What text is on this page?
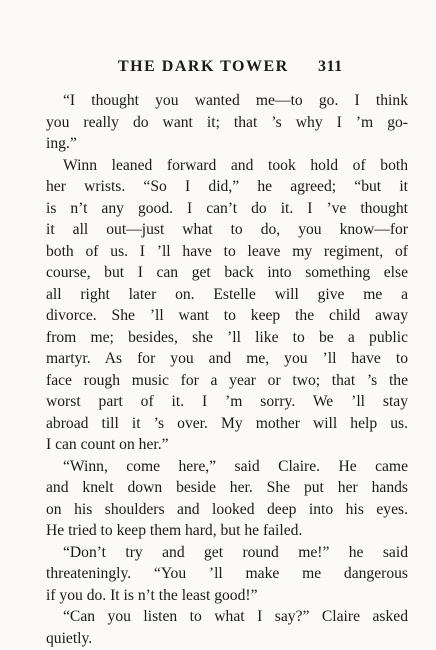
THE DARK TOWER 311
“I thought you wanted me—to go. I think
you really do want it; that ’s why I ’m go-
ing.”
Winn leaned forward and took hold of both
her wrists. “So I did,” he agreed; “but it
is n’t any good. I can’t do it. I ’ve thought
it all out—just what to do, you know—for
both of us. I ’ll have to leave my regiment, of
course, but I can get back into something else
all right later on. Estelle will give me a
divorce. She ’ll want to keep the child away
from me; besides, she ’ll like to be a public
martyr. As for you and me, you ’ll have to
face rough music for a year or two; that ’s the
worst part of it. I ’m sorry. We ’ll stay
abroad till it ’s over. My mother will help us.
I can count on her.”
“Winn, come here,” said Claire. He came
and knelt down beside her. She put her hands
on his shoulders and looked deep into his eyes.
He tried to keep them hard, but he failed.
“Don’t try and get round me!” he said
threateningly. “You ’ll make me dangerous
if you do. It is n’t the least good!”
“Can you listen to what I say?” Claire asked
quietly.
